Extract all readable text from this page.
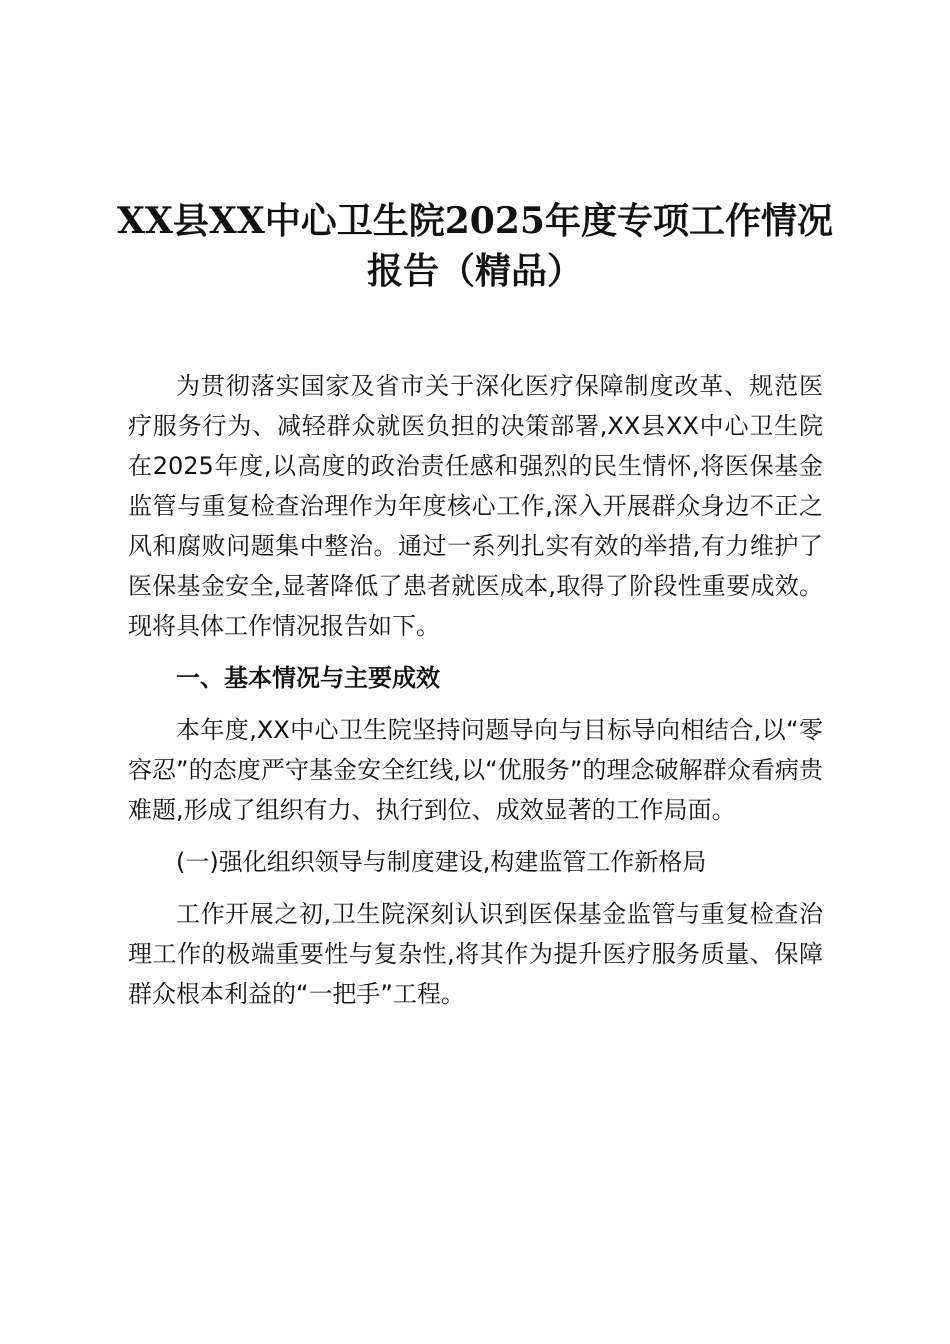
XX县XX中心卫生院2025年度专项工作情况报告（精品）

为贯彻落实国家及省市关于深化医疗保障制度改革、规范医疗服务行为、减轻群众就医负担的决策部署,XX县XX中心卫生院在2025年度,以高度的政治责任感和强烈的民生情怀,将医保基金监管与重复检查治理作为年度核心工作,深入开展群众身边不正之风和腐败问题集中整治。通过一系列扎实有效的举措,有力维护了医保基金安全,显著降低了患者就医成本,取得了阶段性重要成效。现将具体工作情况报告如下。

一、基本情况与主要成效

本年度,XX中心卫生院坚持问题导向与目标导向相结合,以“零容忍”的态度严守基金安全红线,以“优服务”的理念破解群众看病贵难题,形成了组织有力、执行到位、成效显著的工作局面。

(一)强化组织领导与制度建设,构建监管工作新格局

工作开展之初,卫生院深刻认识到医保基金监管与重复检查治理工作的极端重要性与复杂性,将其作为提升医疗服务质量、保障群众根本利益的“一把手”工程。
